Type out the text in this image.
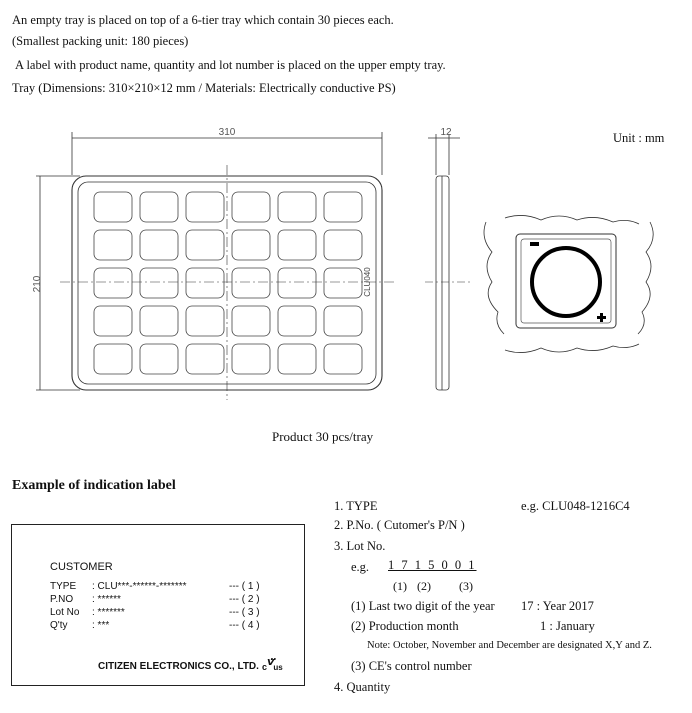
An empty tray is placed on top of a 6-tier tray which contain 30 pieces each.
(Smallest packing unit: 180 pieces)
A label with product name, quantity and lot number is placed on the upper empty tray.
Tray (Dimensions: 310×210×12 mm / Materials: Electrically conductive PS)
310
210
12
CLU040
Unit : mm
Product 30 pcs/tray
Example of indication label
CUSTOMER
TYPE : CLU***-******-*******	--- ( 1 )
P.NO : ******	--- ( 2 )
Lot No : *******	--- ( 3 )
Q'ty : ***	--- ( 4 )
CITIZEN ELECTRONICS CO., LTD. cⱽ̈us
1. TYPE	e.g. CLU048-1216C4
2. P.No. ( Cutomer's P/N )
3. Lot No.
e.g. 1 7 1 5 0 0 1
(1) (2) (3)
(1) Last two digit of the year 17 : Year 2017
(2) Production month	1 : January
Note: October, November and December are designated X,Y and Z.
(3) CE's control number
4. Quantity
